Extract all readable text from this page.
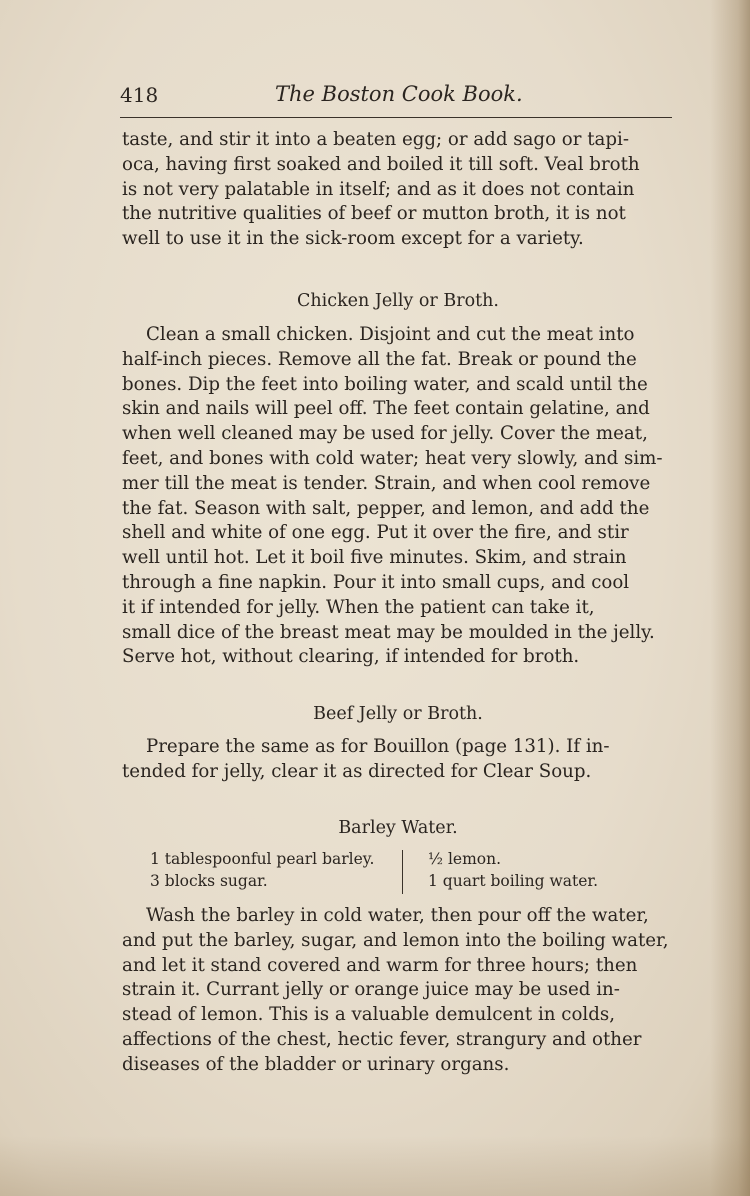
418	The Boston Cook Book.
taste, and stir it into a beaten egg; or add sago or tapi-
oca, having first soaked and boiled it till soft. Veal broth
is not very palatable in itself; and as it does not contain
the nutritive qualities of beef or mutton broth, it is not
well to use it in the sick-room except for a variety.
Chicken Jelly or Broth.
Clean a small chicken. Disjoint and cut the meat into
half-inch pieces. Remove all the fat. Break or pound the
bones. Dip the feet into boiling water, and scald until the
skin and nails will peel off. The feet contain gelatine, and
when well cleaned may be used for jelly. Cover the meat,
feet, and bones with cold water; heat very slowly, and sim-
mer till the meat is tender. Strain, and when cool remove
the fat. Season with salt, pepper, and lemon, and add the
shell and white of one egg. Put it over the fire, and stir
well until hot. Let it boil five minutes. Skim, and strain
through a fine napkin. Pour it into small cups, and cool
it if intended for jelly. When the patient can take it,
small dice of the breast meat may be moulded in the jelly.
Serve hot, without clearing, if intended for broth.
Beef Jelly or Broth.
Prepare the same as for Bouillon (page 131). If in-
tended for jelly, clear it as directed for Clear Soup.
Barley Water.
1 tablespoonful pearl barley.
3 blocks sugar.
½ lemon.
1 quart boiling water.
Wash the barley in cold water, then pour off the water,
and put the barley, sugar, and lemon into the boiling water,
and let it stand covered and warm for three hours; then
strain it. Currant jelly or orange juice may be used in-
stead of lemon. This is a valuable demulcent in colds,
affections of the chest, hectic fever, strangury and other
diseases of the bladder or urinary organs.
